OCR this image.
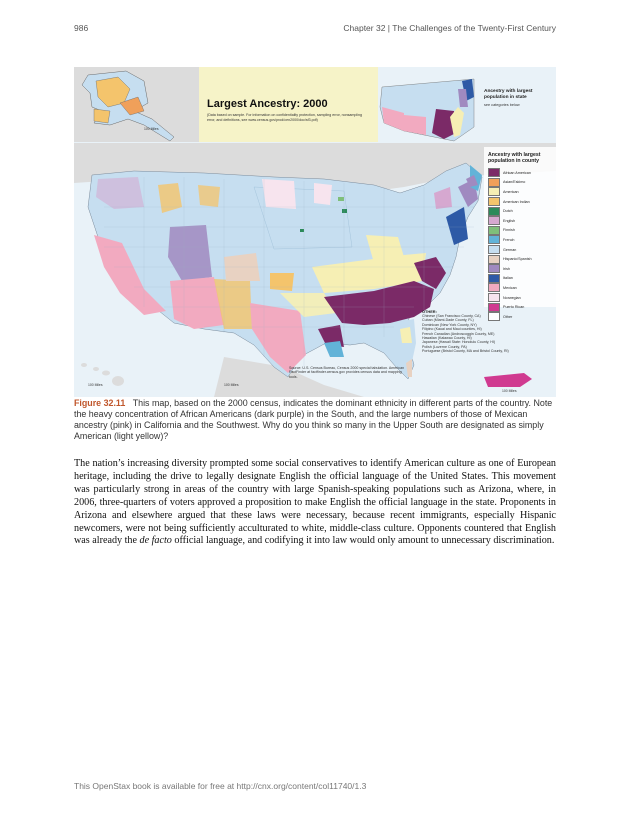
986	Chapter 32 | The Challenges of the Twenty-First Century
Largest Ancestry: 2000
(Data based on sample. For information on confidentiality protection, sampling error, nonsampling error, and definitions, see www.census.gov/prod/cen2000/doc/sf3.pdf)
Ancestry with largest population in state
see categories below
Ancestry with largest population in county
African American
Asian/Eskimo
American
American Indian
Dutch
English
Finnish
French
German
Hispanic/Spanish
Irish
Italian
Mexican
Norwegian
Puerto Rican
Other
OTHER:
Chinese (San Francisco County, CA)
Cuban (Miami-Dade County, FL)
Dominican (New York County, NY)
Filipino (Kauai and Maui counties, HI)
French Canadian (Androscoggin County, ME)
Hawaiian (Kalawao County, HI)
Japanese (Hawaii State: Honolulu County, HI)
Polish (Luzerne County, PA)
Portuguese (Bristol County, MA and Bristol County, RI)
Source: U.S. Census Bureau, Census 2000 special tabulation. American FactFinder at factfinder.census.gov provides census data and mapping tools.
100 Miles
100 Miles	100 Miles
100 Miles
Figure 32.11 This map, based on the 2000 census, indicates the dominant ethnicity in different parts of the country. Note the heavy concentration of African Americans (dark purple) in the South, and the large numbers of those of Mexican ancestry (pink) in California and the Southwest. Why do you think so many in the Upper South are designated as simply American (light yellow)?
The nation’s increasing diversity prompted some social conservatives to identify American culture as one of European heritage, including the drive to legally designate English the official language of the United States. This movement was particularly strong in areas of the country with large Spanish-speaking populations such as Arizona, where, in 2006, three-quarters of voters approved a proposition to make English the official language in the state. Proponents in Arizona and elsewhere argued that these laws were necessary, because recent immigrants, especially Hispanic newcomers, were not being sufficiently acculturated to white, middle-class culture. Opponents countered that English was already the de facto official language, and codifying it into law would only amount to unnecessary discrimination.
This OpenStax book is available for free at http://cnx.org/content/col11740/1.3
